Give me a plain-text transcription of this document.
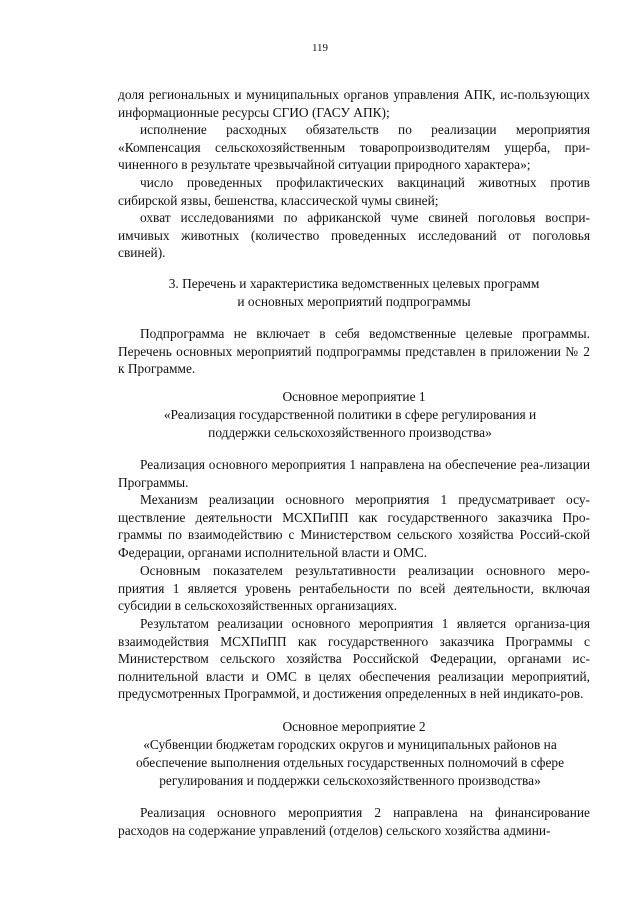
119

доля региональных и муниципальных органов управления АПК, ис-пользующих информационные ресурсы СГИО (ГАСУ АПК);

исполнение расходных обязательств по реализации мероприятия «Компенсация сельскохозяйственным товаропроизводителям ущерба, при-чиненного в результате чрезвычайной ситуации природного характера»;

число проведенных профилактических вакцинаций животных против сибирской язвы, бешенства, классической чумы свиней;

охват исследованиями по африканской чуме свиней поголовья воспри-имчивых животных (количество проведенных исследований от поголовья свиней).

3. Перечень и характеристика ведомственных целевых программ
и основных мероприятий подпрограммы

Подпрограмма не включает в себя ведомственные целевые программы. Перечень основных мероприятий подпрограммы представлен в приложении № 2 к Программе.

Основное мероприятие 1
«Реализация государственной политики в сфере регулирования и
поддержки сельскохозяйственного производства»

Реализация основного мероприятия 1 направлена на обеспечение реа-лизации Программы.

Механизм реализации основного мероприятия 1 предусматривает осу-ществление деятельности МСХПиПП как государственного заказчика Про-граммы по взаимодействию с Министерством сельского хозяйства Россий-ской Федерации, органами исполнительной власти и ОМС.

Основным показателем результативности реализации основного меро-приятия 1 является уровень рентабельности по всей деятельности, включая субсидии в сельскохозяйственных организациях.

Результатом реализации основного мероприятия 1 является организа-ция взаимодействия МСХПиПП как государственного заказчика Программы с Министерством сельского хозяйства Российской Федерации, органами ис-полнительной власти и ОМС в целях обеспечения реализации мероприятий, предусмотренных Программой, и достижения определенных в ней индикато-ров.

Основное мероприятие 2
«Субвенции бюджетам городских округов и муниципальных районов на
обеспечение выполнения отдельных государственных полномочий в сфере
регулирования и поддержки сельскохозяйственного производства»

Реализация основного мероприятия 2 направлена на финансирование расходов на содержание управлений (отделов) сельского хозяйства админи-
